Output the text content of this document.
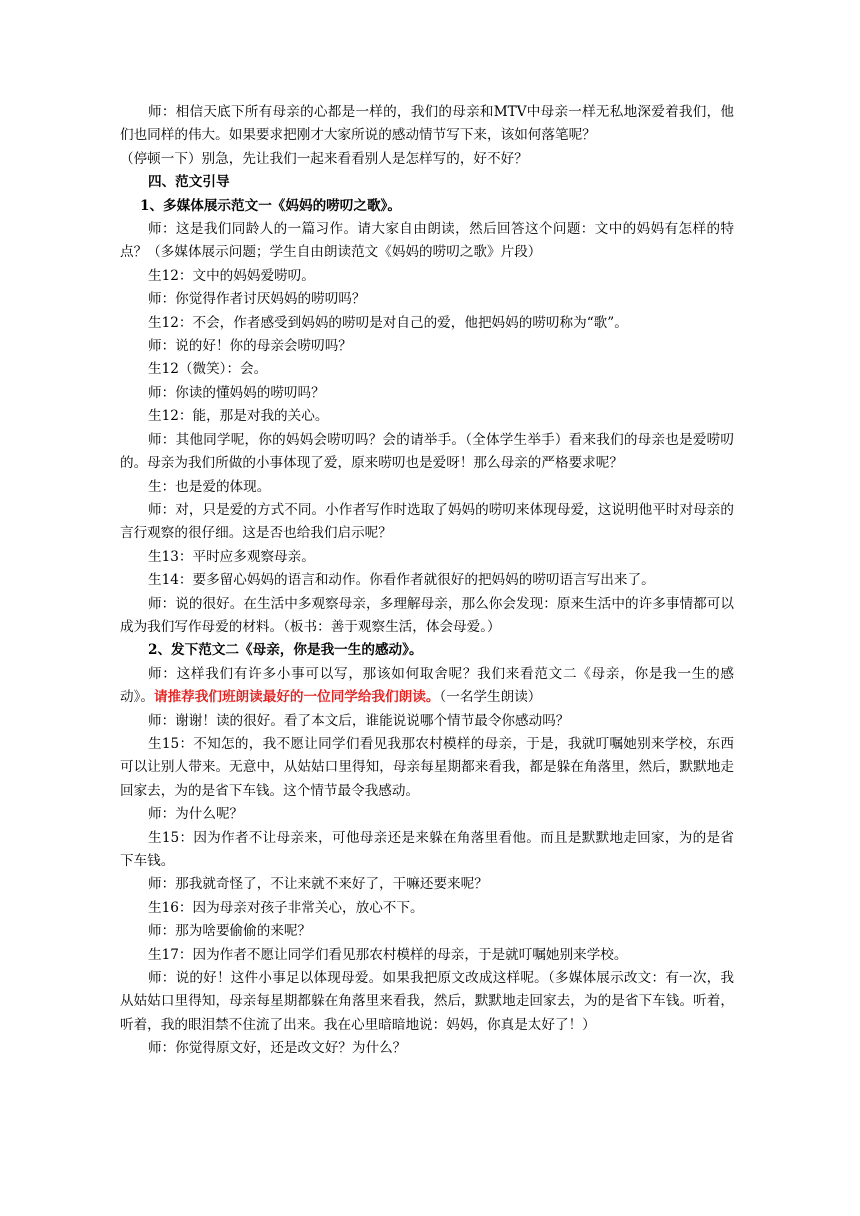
师：相信天底下所有母亲的心都是一样的，我们的母亲和MTV中母亲一样无私地深爱着我们，他们也同样的伟大。如果要求把刚才大家所说的感动情节写下来，该如何落笔呢？

（停顿一下）别急，先让我们一起来看看别人是怎样写的，好不好？

四、范文引导

1、多媒体展示范文一《妈妈的唠叨之歌》。

师：这是我们同龄人的一篇习作。请大家自由朗读，然后回答这个问题：文中的妈妈有怎样的特点？（多媒体展示问题；学生自由朗读范文《妈妈的唠叨之歌》片段）

生12：文中的妈妈爱唠叨。

师：你觉得作者讨厌妈妈的唠叨吗？

生12：不会，作者感受到妈妈的唠叨是对自己的爱，他把妈妈的唠叨称为“歌”。

师：说的好！你的母亲会唠叨吗？

生12（微笑）：会。

师：你读的懂妈妈的唠叨吗？

生12：能，那是对我的关心。

师：其他同学呢，你的妈妈会唠叨吗？会的请举手。（全体学生举手）看来我们的母亲也是爱唠叨的。母亲为我们所做的小事体现了爱，原来唠叨也是爱呀！那么母亲的严格要求呢？

生：也是爱的体现。

师：对，只是爱的方式不同。小作者写作时选取了妈妈的唠叨来体现母爱，这说明他平时对母亲的言行观察的很仔细。这是否也给我们启示呢？

生13：平时应多观察母亲。

生14：要多留心妈妈的语言和动作。你看作者就很好的把妈妈的唠叨语言写出来了。

师：说的很好。在生活中多观察母亲，多理解母亲，那么你会发现：原来生活中的许多事情都可以成为我们写作母爱的材料。（板书：善于观察生活，体会母爱。）

2、发下范文二《母亲，你是我一生的感动》。

师：这样我们有许多小事可以写，那该如何取舍呢？我们来看范文二《母亲，你是我一生的感动》。请推荐我们班朗读最好的一位同学给我们朗读。（一名学生朗读）

师：谢谢！读的很好。看了本文后，谁能说说哪个情节最令你感动吗？

生15：不知怎的，我不愿让同学们看见我那农村模样的母亲，于是，我就叮嘱她别来学校，东西可以让别人带来。无意中，从姑姑口里得知，母亲每星期都来看我，都是躲在角落里，然后，默默地走回家去，为的是省下车钱。这个情节最令我感动。

师：为什么呢？

生15：因为作者不让母亲来，可他母亲还是来躲在角落里看他。而且是默默地走回家，为的是省下车钱。

师：那我就奇怪了，不让来就不来好了，干嘛还要来呢？

生16：因为母亲对孩子非常关心，放心不下。

师：那为啥要偷偷的来呢？

生17：因为作者不愿让同学们看见那农村模样的母亲，于是就叮嘱她别来学校。

师：说的好！这件小事足以体现母爱。如果我把原文改成这样呢。（多媒体展示改文：有一次，我从姑姑口里得知，母亲每星期都躲在角落里来看我，然后，默默地走回家去，为的是省下车钱。听着，听着，我的眼泪禁不住流了出来。我在心里暗暗地说：妈妈，你真是太好了！）

师：你觉得原文好，还是改文好？为什么？
